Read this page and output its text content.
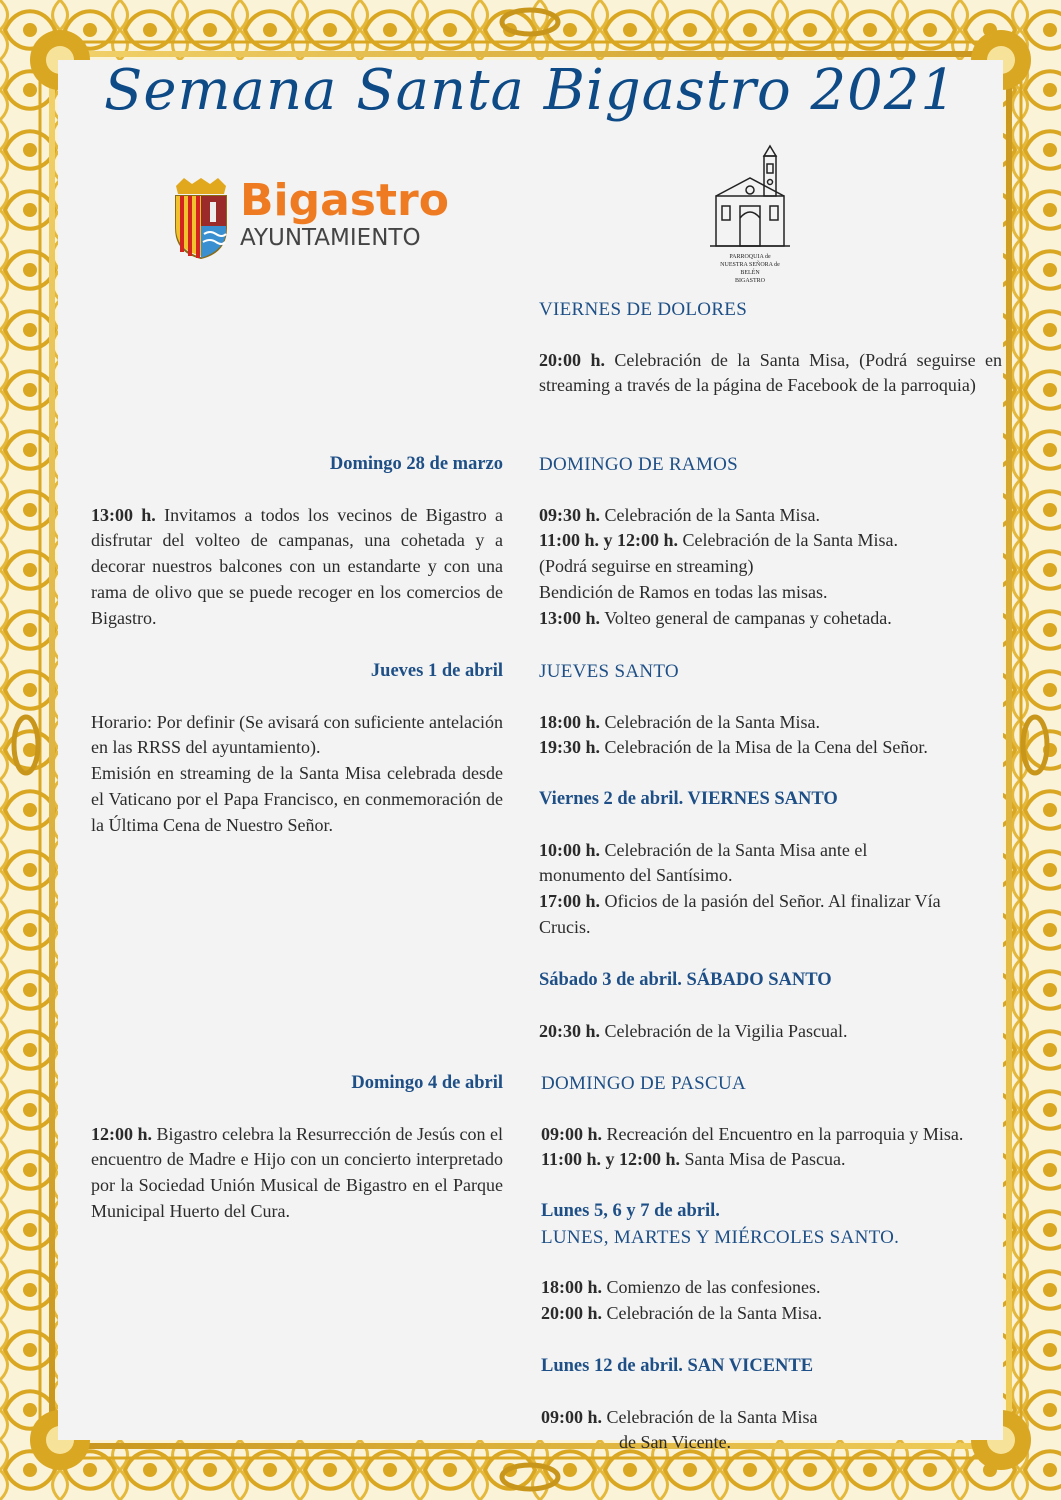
Semana Santa Bigastro 2021
Bigastro
AYUNTAMIENTO
PARROQUIA de
NUESTRA SEÑORA de BELÉN
BIGASTRO
Domingo 28 de marzo
13:00 h. Invitamos a todos los vecinos de Bigastro a disfrutar del volteo de campanas, una cohetada y a decorar nuestros balcones con un estandarte y con una rama de olivo que se puede recoger en los comercios de Bigastro.
Jueves 1 de abril
Horario: Por definir (Se avisará con suficiente antelación en las RRSS del ayuntamiento).
Emisión en streaming de la Santa Misa celebrada desde el Vaticano por el Papa Francisco, en conmemoración de la Última Cena de Nuestro Señor.
Domingo 4 de abril
12:00 h. Bigastro celebra la Resurrección de Jesús con el encuentro de Madre e Hijo con un concierto interpretado por la Sociedad Unión Musical de Bigastro en el Parque Municipal Huerto del Cura.
VIERNES DE DOLORES
20:00 h. Celebración de la Santa Misa, (Podrá seguirse en streaming a través de la página de Facebook de la parroquia)
DOMINGO DE RAMOS
09:30 h. Celebración de la Santa Misa.
11:00 h. y 12:00 h. Celebración de la Santa Misa.
(Podrá seguirse en streaming)
Bendición de Ramos en todas las misas.
13:00 h. Volteo general de campanas y cohetada.
JUEVES SANTO
18:00 h. Celebración de la Santa Misa.
19:30 h. Celebración de la Misa de la Cena del Señor.
Viernes 2 de abril. VIERNES SANTO
10:00 h. Celebración de la Santa Misa ante el monumento del Santísimo.
17:00 h. Oficios de la pasión del Señor. Al finalizar Vía Crucis.
Sábado 3 de abril. SÁBADO SANTO
20:30 h. Celebración de la Vigilia Pascual.
DOMINGO DE PASCUA
09:00 h. Recreación del Encuentro en la parroquia y Misa.
11:00 h. y 12:00 h. Santa Misa de Pascua.
Lunes 5, 6 y 7 de abril.
LUNES, MARTES Y MIÉRCOLES SANTO.
18:00 h. Comienzo de las confesiones.
20:00 h. Celebración de la Santa Misa.
Lunes 12 de abril. SAN VICENTE
09:00 h. Celebración de la Santa Misa
de San Vicente.
